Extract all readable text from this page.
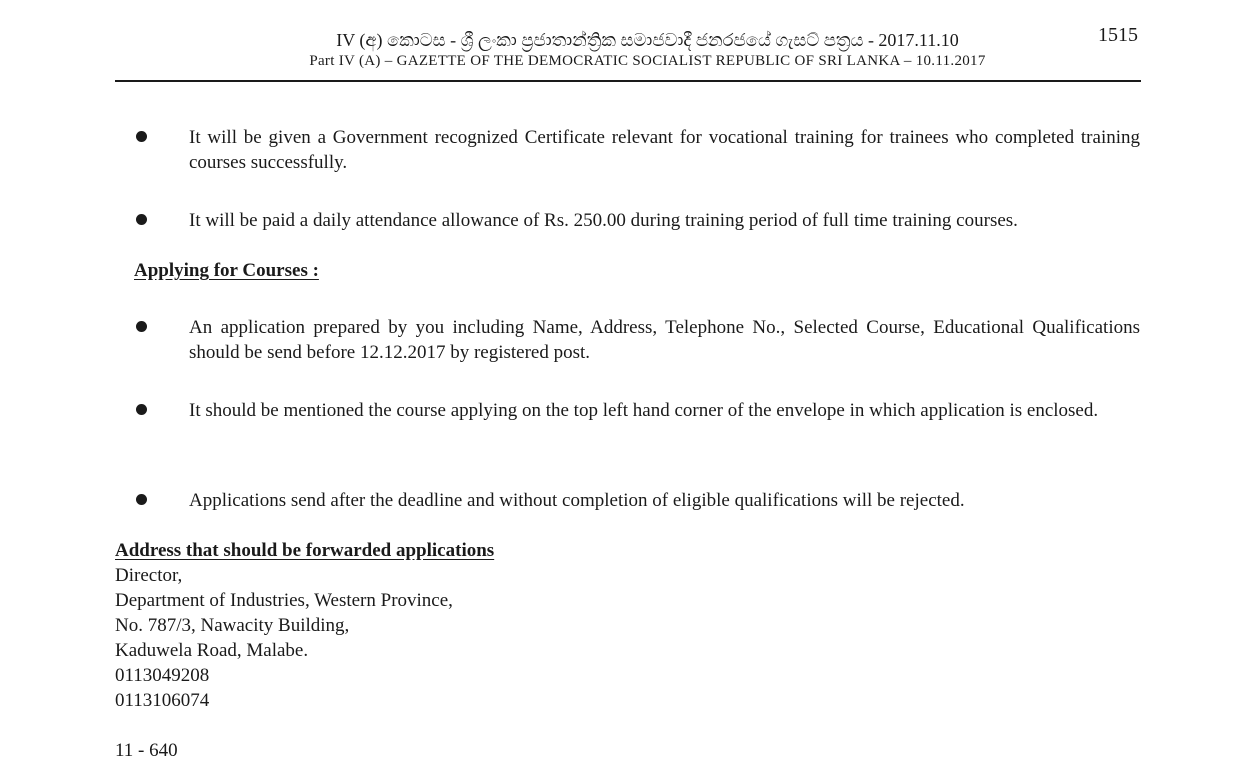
IV (අ) කොටස - ශ්‍රී ලංකා ප්‍රජාතාන්ත්‍රික සමාජවාදී ජනරජයේ ගැසට් පත්‍රය - 2017.11.10
Part IV (A) – GAZETTE OF THE DEMOCRATIC SOCIALIST REPUBLIC OF SRI LANKA – 10.11.2017
1515
It will be given a Government recognized Certificate relevant for vocational training for trainees who completed training courses successfully.
It will be paid a daily attendance allowance of Rs. 250.00 during training period of full time training courses.
Applying for Courses :
An application prepared by you including Name, Address, Telephone No., Selected Course, Educational Qualifications should be send before 12.12.2017 by registered post.
It should be mentioned the course applying on the top left hand corner of the envelope in which application is enclosed.
Applications send after the deadline and without completion of eligible qualifications will be rejected.
Address that should be forwarded applications
Director,
Department of Industries, Western Province,
No. 787/3, Nawacity Building,
Kaduwela Road, Malabe.
0113049208
0113106074
11 - 640
